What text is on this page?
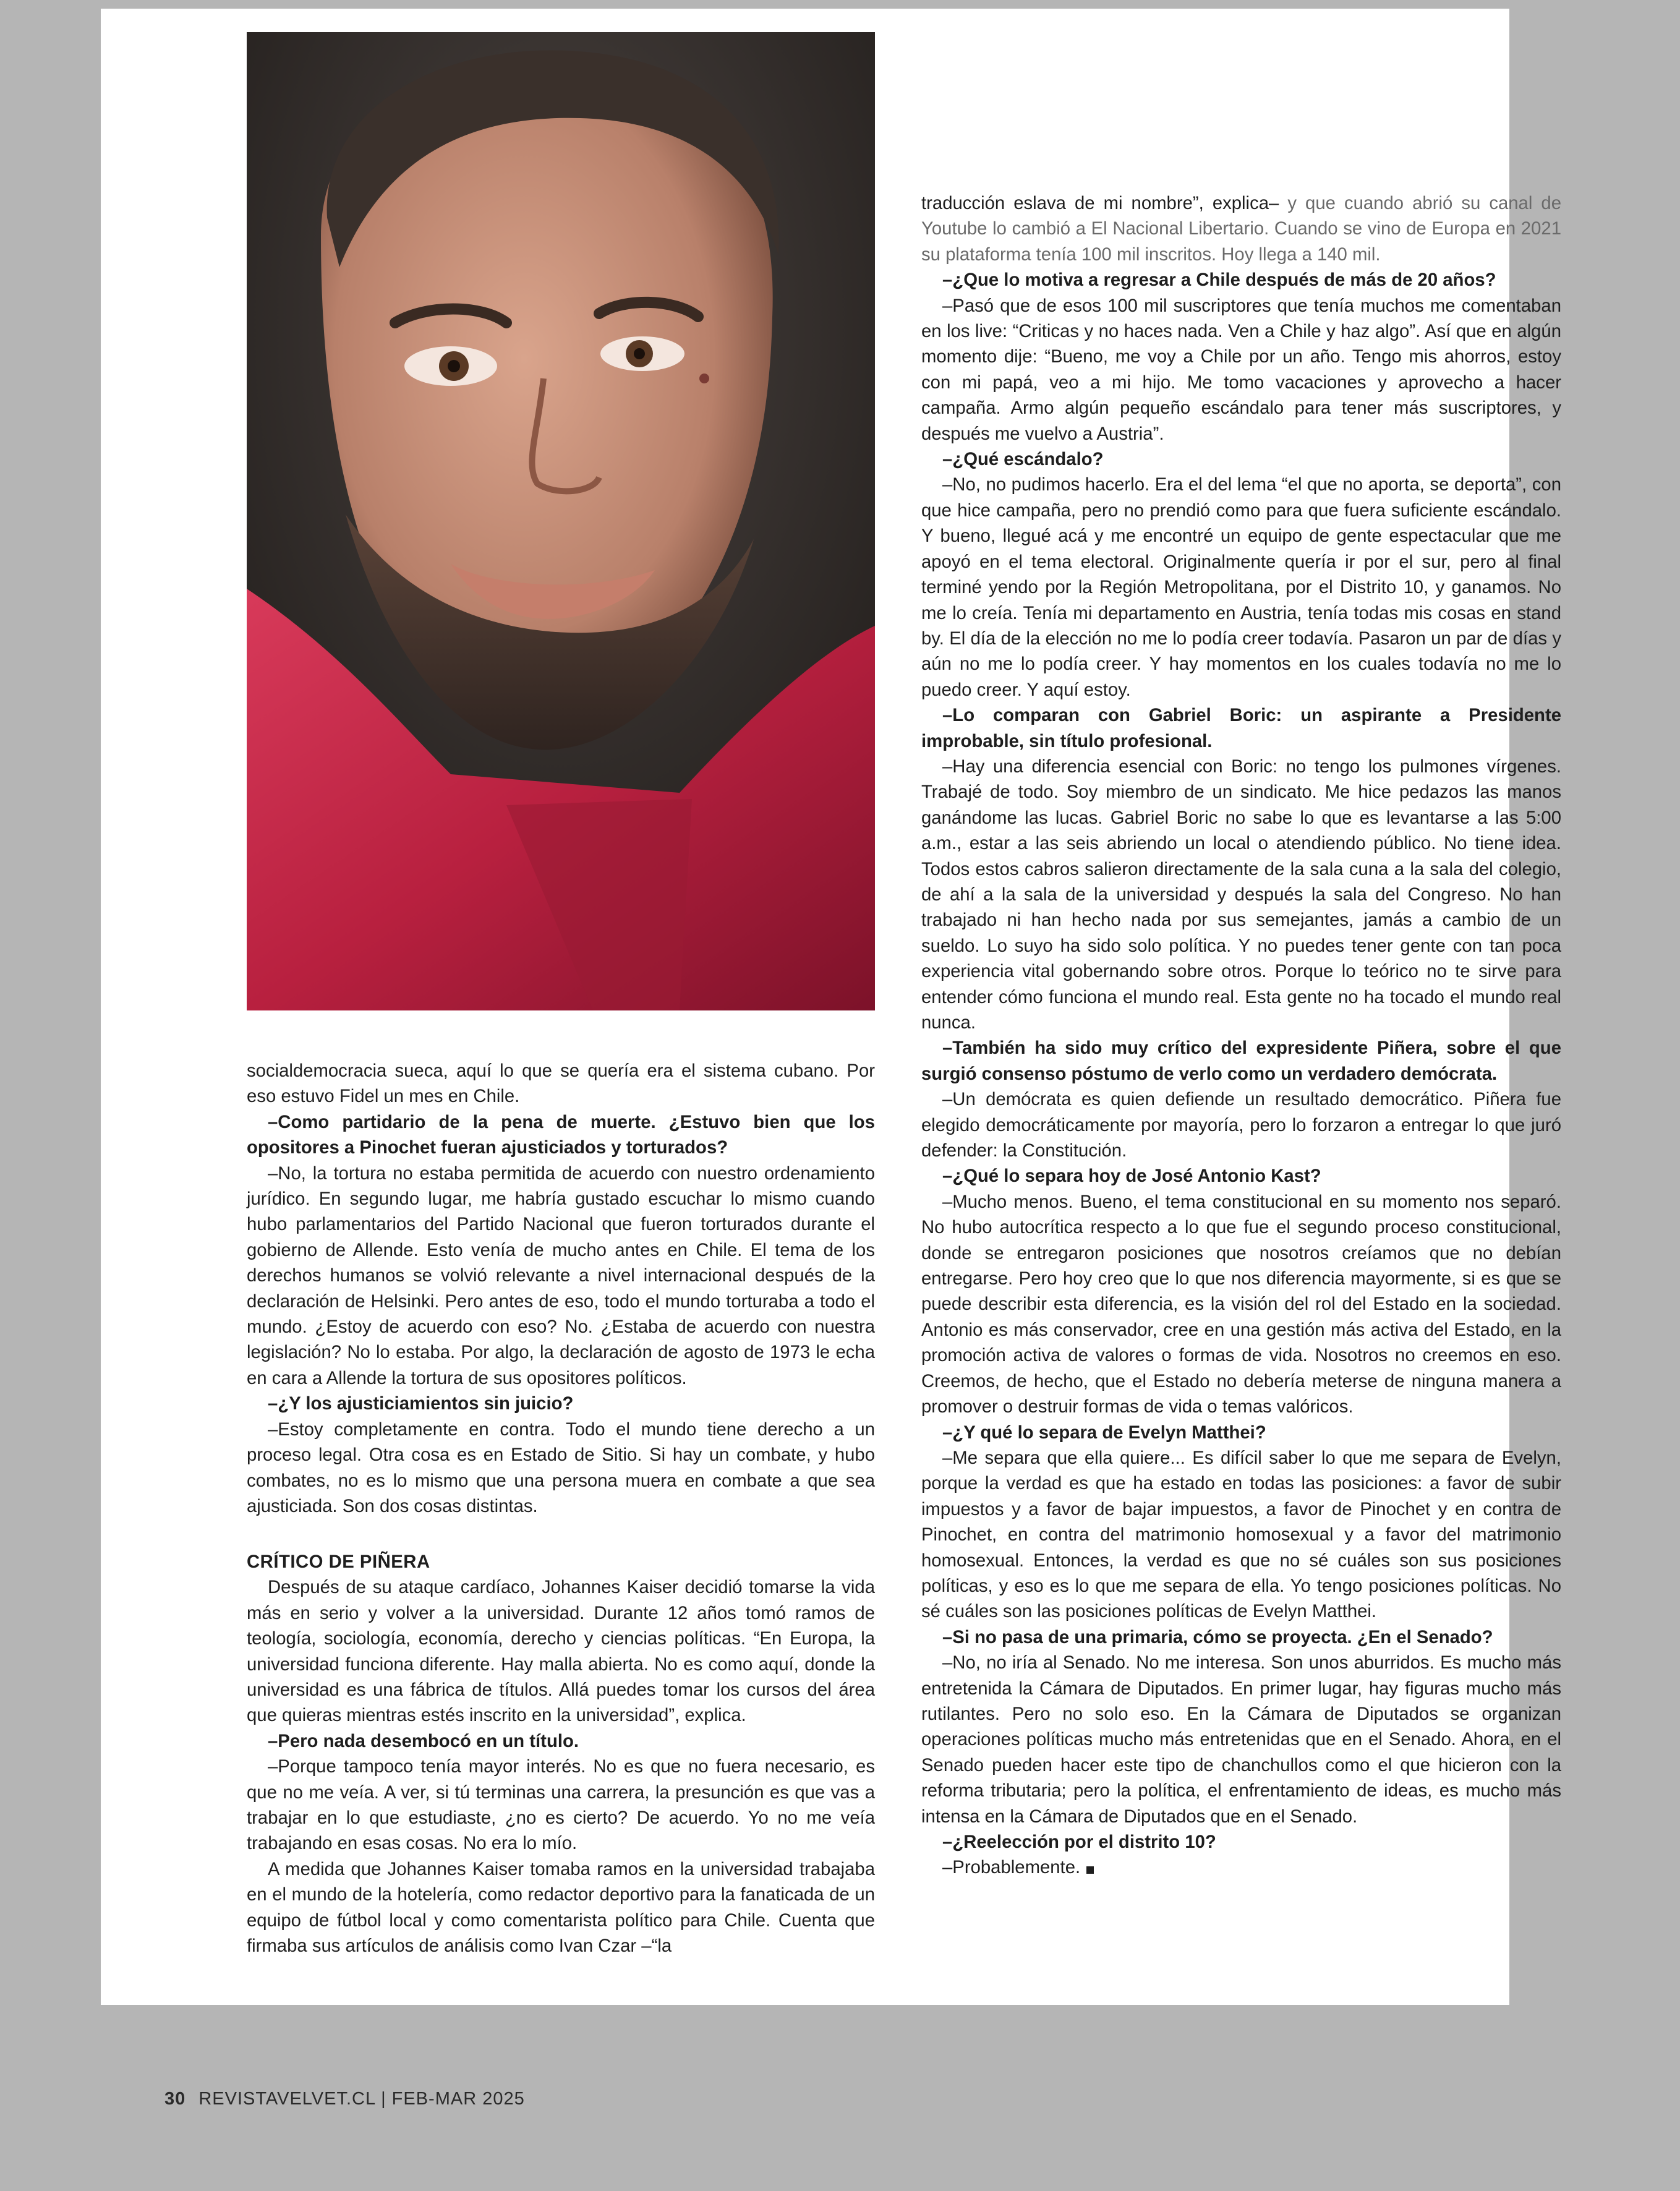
socialdemocracia sueca, aquí lo que se quería era el sistema cubano. Por eso estuvo Fidel un mes en Chile.

–Como partidario de la pena de muerte. ¿Estuvo bien que los opositores a Pinochet fueran ajusticiados y torturados?

–No, la tortura no estaba permitida de acuerdo con nuestro ordenamiento jurídico. En segundo lugar, me habría gustado escuchar lo mismo cuando hubo parlamentarios del Partido Nacional que fueron torturados durante el gobierno de Allende. Esto venía de mucho antes en Chile. El tema de los derechos humanos se volvió relevante a nivel internacional después de la declaración de Helsinki. Pero antes de eso, todo el mundo torturaba a todo el mundo. ¿Estoy de acuerdo con eso? No. ¿Estaba de acuerdo con nuestra legislación? No lo estaba. Por algo, la declaración de agosto de 1973 le echa en cara a Allende la tortura de sus opositores políticos.

–¿Y los ajusticiamientos sin juicio?

–Estoy completamente en contra. Todo el mundo tiene derecho a un proceso legal. Otra cosa es en Estado de Sitio. Si hay un combate, y hubo combates, no es lo mismo que una persona muera en combate a que sea ajusticiada. Son dos cosas distintas.

CRÍTICO DE PIÑERA

Después de su ataque cardíaco, Johannes Kaiser decidió tomarse la vida más en serio y volver a la universidad. Durante 12 años tomó ramos de teología, sociología, economía, derecho y ciencias políticas. “En Europa, la universidad funciona diferente. Hay malla abierta. No es como aquí, donde la universidad es una fábrica de títulos. Allá puedes tomar los cursos del área que quieras mientras estés inscrito en la universidad”, explica.

–Pero nada desembocó en un título.

–Porque tampoco tenía mayor interés. No es que no fuera necesario, es que no me veía. A ver, si tú terminas una carrera, la presunción es que vas a trabajar en lo que estudiaste, ¿no es cierto? De acuerdo. Yo no me veía trabajando en esas cosas. No era lo mío.

A medida que Johannes Kaiser tomaba ramos en la universidad trabajaba en el mundo de la hotelería, como redactor deportivo para la fanaticada de un equipo de fútbol local y como comentarista político para Chile. Cuenta que firmaba sus artículos de análisis como Ivan Czar –“la

traducción eslava de mi nombre”, explica– y que cuando abrió su canal de Youtube lo cambió a El Nacional Libertario. Cuando se vino de Europa en 2021 su plataforma tenía 100 mil inscritos. Hoy llega a 140 mil.

–¿Que lo motiva a regresar a Chile después de más de 20 años?

–Pasó que de esos 100 mil suscriptores que tenía muchos me comentaban en los live: “Criticas y no haces nada. Ven a Chile y haz algo”. Así que en algún momento dije: “Bueno, me voy a Chile por un año. Tengo mis ahorros, estoy con mi papá, veo a mi hijo. Me tomo vacaciones y aprovecho a hacer campaña. Armo algún pequeño escándalo para tener más suscriptores, y después me vuelvo a Austria”.

–¿Qué escándalo?

–No, no pudimos hacerlo. Era el del lema “el que no aporta, se deporta”, con que hice campaña, pero no prendió como para que fuera suficiente escándalo. Y bueno, llegué acá y me encontré un equipo de gente espectacular que me apoyó en el tema electoral. Originalmente quería ir por el sur, pero al final terminé yendo por la Región Metropolitana, por el Distrito 10, y ganamos. No me lo creía. Tenía mi departamento en Austria, tenía todas mis cosas en stand by. El día de la elección no me lo podía creer todavía. Pasaron un par de días y aún no me lo podía creer. Y hay momentos en los cuales todavía no me lo puedo creer. Y aquí estoy.

–Lo comparan con Gabriel Boric: un aspirante a Presidente improbable, sin título profesional.

–Hay una diferencia esencial con Boric: no tengo los pulmones vírgenes. Trabajé de todo. Soy miembro de un sindicato. Me hice pedazos las manos ganándome las lucas. Gabriel Boric no sabe lo que es levantarse a las 5:00 a.m., estar a las seis abriendo un local o atendiendo público. No tiene idea. Todos estos cabros salieron directamente de la sala cuna a la sala del colegio, de ahí a la sala de la universidad y después la sala del Congreso. No han trabajado ni han hecho nada por sus semejantes, jamás a cambio de un sueldo. Lo suyo ha sido solo política. Y no puedes tener gente con tan poca experiencia vital gobernando sobre otros. Porque lo teórico no te sirve para entender cómo funciona el mundo real. Esta gente no ha tocado el mundo real nunca.

–También ha sido muy crítico del expresidente Piñera, sobre el que surgió consenso póstumo de verlo como un verdadero demócrata.

–Un demócrata es quien defiende un resultado democrático. Piñera fue elegido democráticamente por mayoría, pero lo forzaron a entregar lo que juró defender: la Constitución.

–¿Qué lo separa hoy de José Antonio Kast?

–Mucho menos. Bueno, el tema constitucional en su momento nos separó. No hubo autocrítica respecto a lo que fue el segundo proceso constitucional, donde se entregaron posiciones que nosotros creíamos que no debían entregarse. Pero hoy creo que lo que nos diferencia mayormente, si es que se puede describir esta diferencia, es la visión del rol del Estado en la sociedad. Antonio es más conservador, cree en una gestión más activa del Estado, en la promoción activa de valores o formas de vida. Nosotros no creemos en eso. Creemos, de hecho, que el Estado no debería meterse de ninguna manera a promover o destruir formas de vida o temas valóricos.

–¿Y qué lo separa de Evelyn Matthei?

–Me separa que ella quiere... Es difícil saber lo que me separa de Evelyn, porque la verdad es que ha estado en todas las posiciones: a favor de subir impuestos y a favor de bajar impuestos, a favor de Pinochet y en contra de Pinochet, en contra del matrimonio homosexual y a favor del matrimonio homosexual. Entonces, la verdad es que no sé cuáles son sus posiciones políticas, y eso es lo que me separa de ella. Yo tengo posiciones políticas. No sé cuáles son las posiciones políticas de Evelyn Matthei.

–Si no pasa de una primaria, cómo se proyecta. ¿En el Senado?

–No, no iría al Senado. No me interesa. Son unos aburridos. Es mucho más entretenida la Cámara de Diputados. En primer lugar, hay figuras mucho más rutilantes. Pero no solo eso. En la Cámara de Diputados se organizan operaciones políticas mucho más entretenidas que en el Senado. Ahora, en el Senado pueden hacer este tipo de chanchullos como el que hicieron con la reforma tributaria; pero la política, el enfrentamiento de ideas, es mucho más intensa en la Cámara de Diputados que en el Senado.

–¿Reelección por el distrito 10?

–Probablemente.

30 REVISTAVELVET.CL | FEB-MAR 2025
